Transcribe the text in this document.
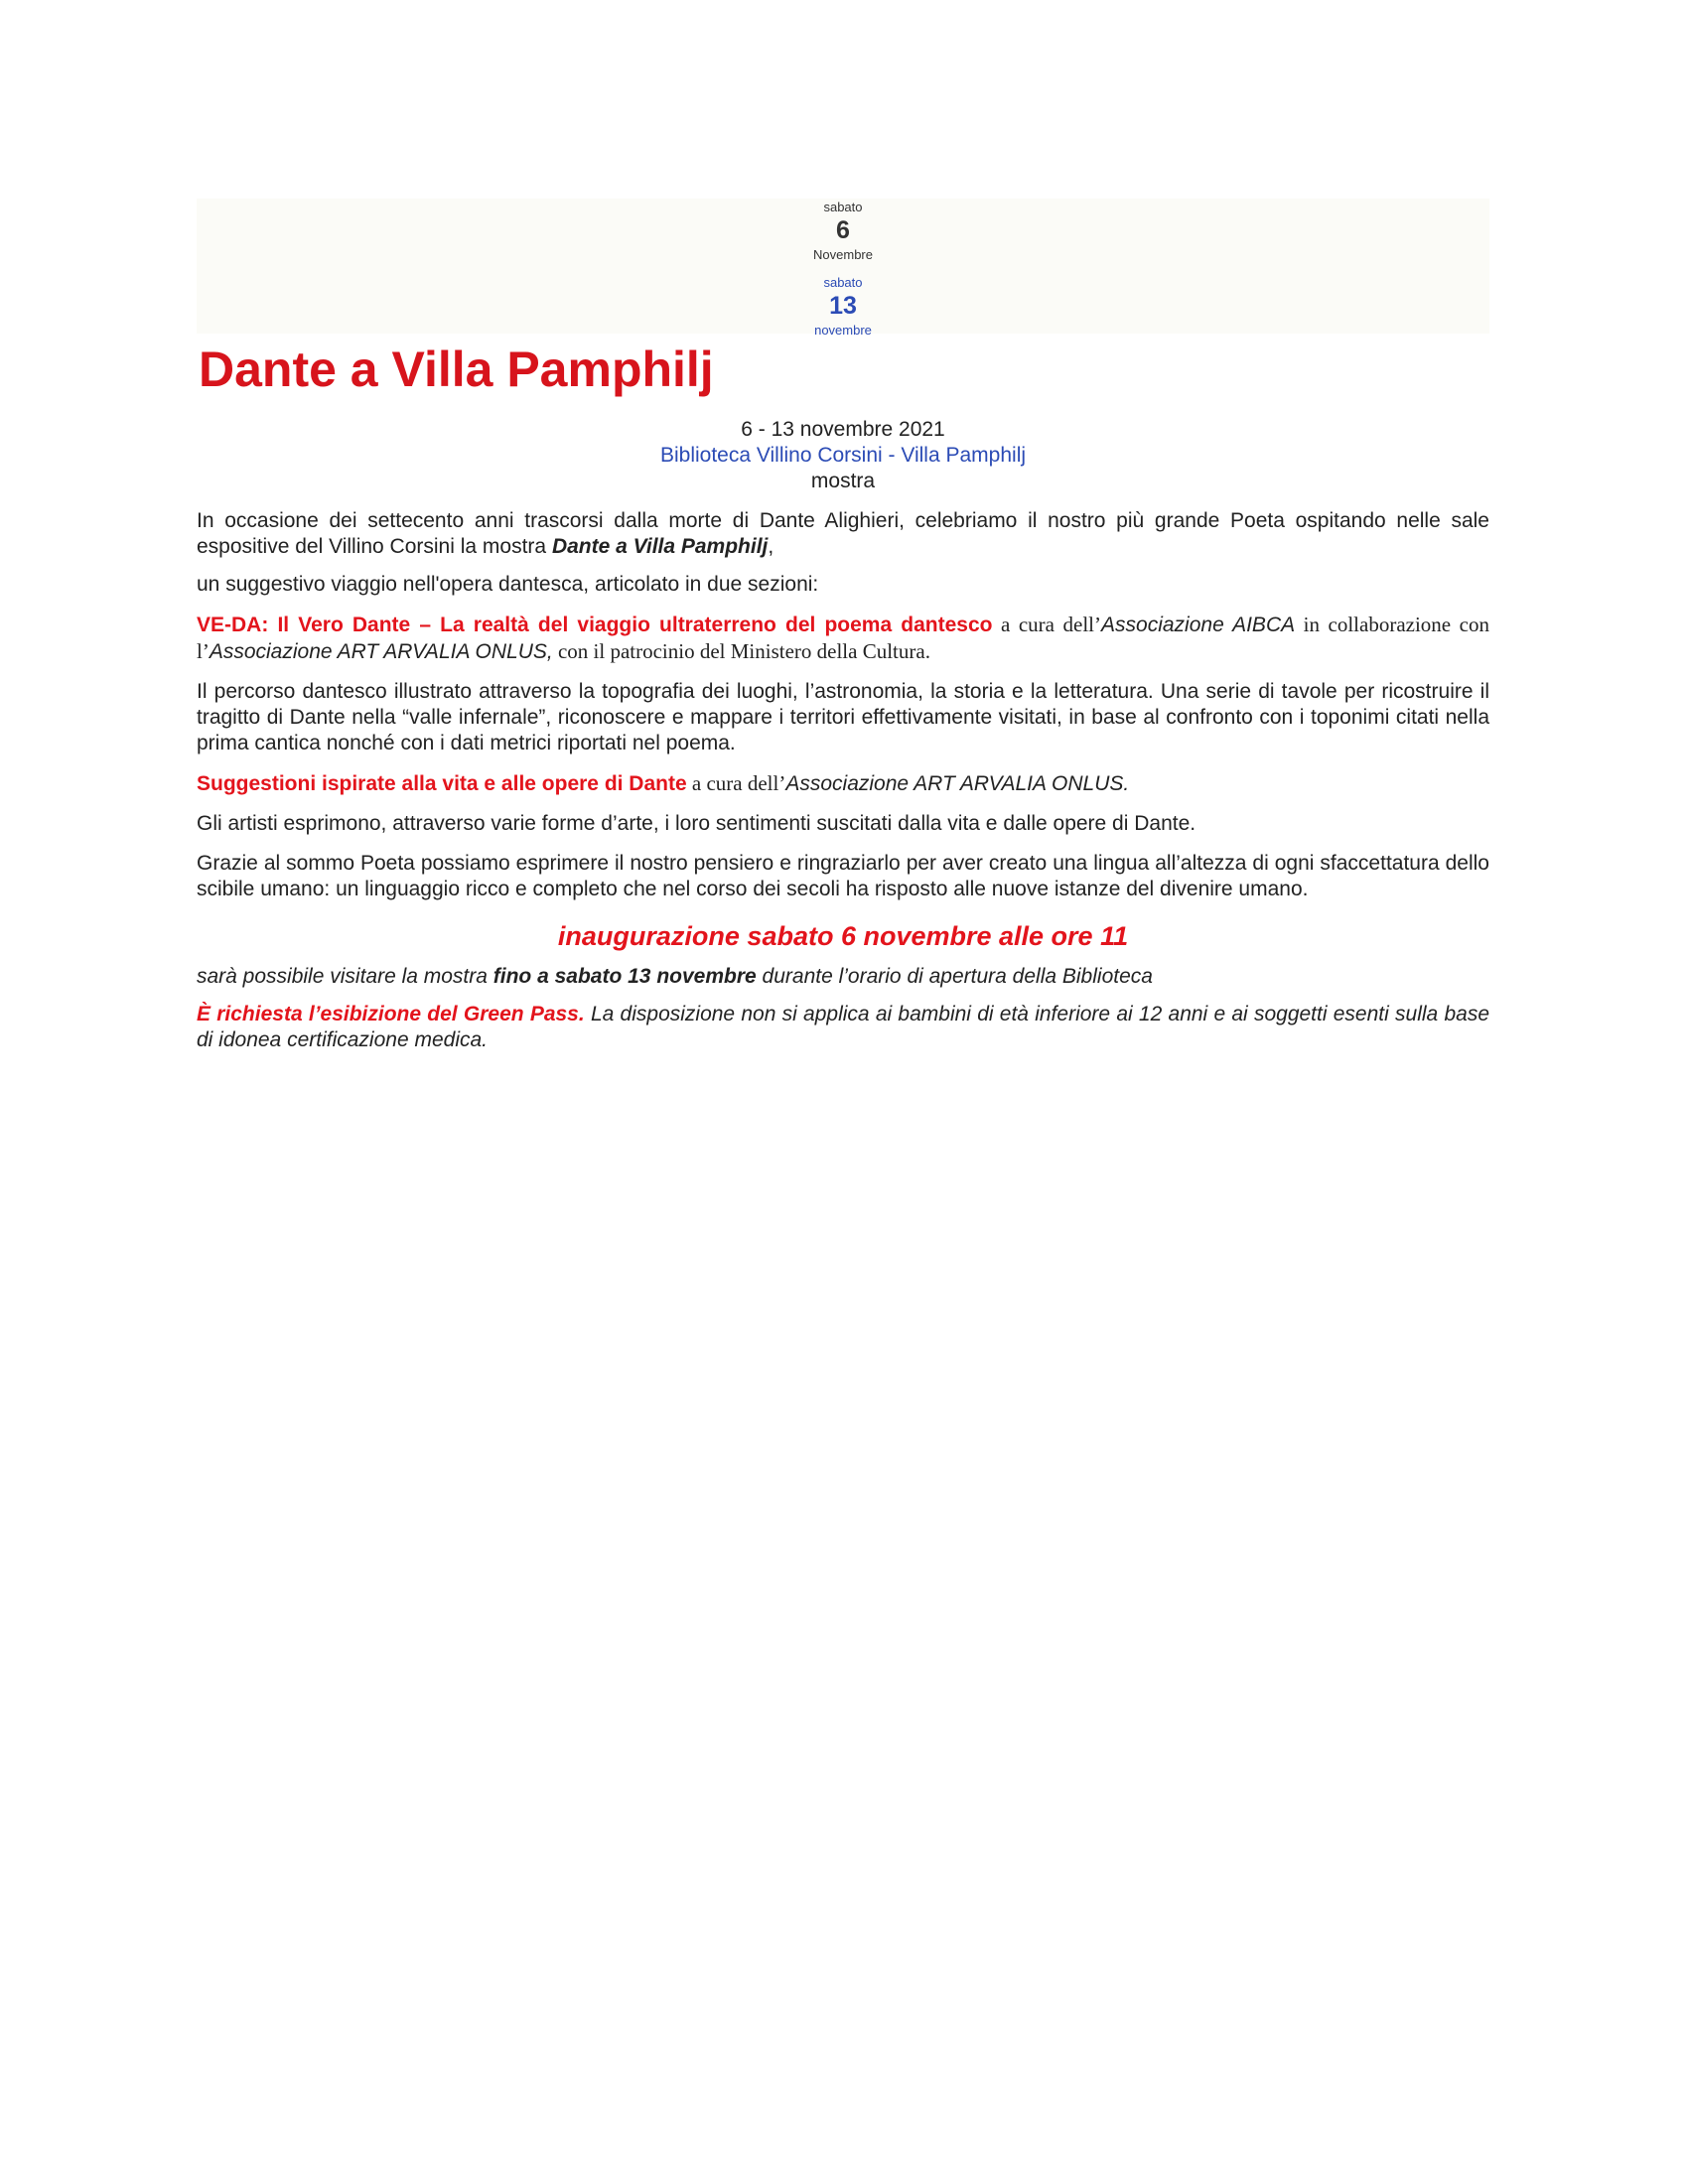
sabato
6
Novembre
sabato
13
novembre
Dante a Villa Pamphilj
6 - 13 novembre 2021
Biblioteca Villino Corsini - Villa Pamphilj
mostra

In occasione dei settecento anni trascorsi dalla morte di Dante Alighieri, celebriamo il nostro più grande Poeta ospitando nelle sale espositive del Villino Corsini la mostra Dante a Villa Pamphilj,

un suggestivo viaggio nell'opera dantesca, articolato in due sezioni:

VE-DA: Il Vero Dante – La realtà del viaggio ultraterreno del poema dantesco a cura dell’Associazione AIBCA in collaborazione con l’Associazione ART ARVALIA ONLUS, con il patrocinio del Ministero della Cultura.

Il percorso dantesco illustrato attraverso la topografia dei luoghi, l’astronomia, la storia e la letteratura. Una serie di tavole per ricostruire il tragitto di Dante nella “valle infernale”, riconoscere e mappare i territori effettivamente visitati, in base al confronto con i toponimi citati nella prima cantica nonché con i dati metrici riportati nel poema.

Suggestioni ispirate alla vita e alle opere di Dante a cura dell’Associazione ART ARVALIA ONLUS.

Gli artisti esprimono, attraverso varie forme d’arte, i loro sentimenti suscitati dalla vita e dalle opere di Dante.

Grazie al sommo Poeta possiamo esprimere il nostro pensiero e ringraziarlo per aver creato una lingua all’altezza di ogni sfaccettatura dello scibile umano: un linguaggio ricco e completo che nel corso dei secoli ha risposto alle nuove istanze del divenire umano.

inaugurazione sabato 6 novembre alle ore 11

sarà possibile visitare la mostra fino a sabato 13 novembre durante l’orario di apertura della Biblioteca

È richiesta l’esibizione del Green Pass. La disposizione non si applica ai bambini di età inferiore ai 12 anni e ai soggetti esenti sulla base di idonea certificazione medica.
